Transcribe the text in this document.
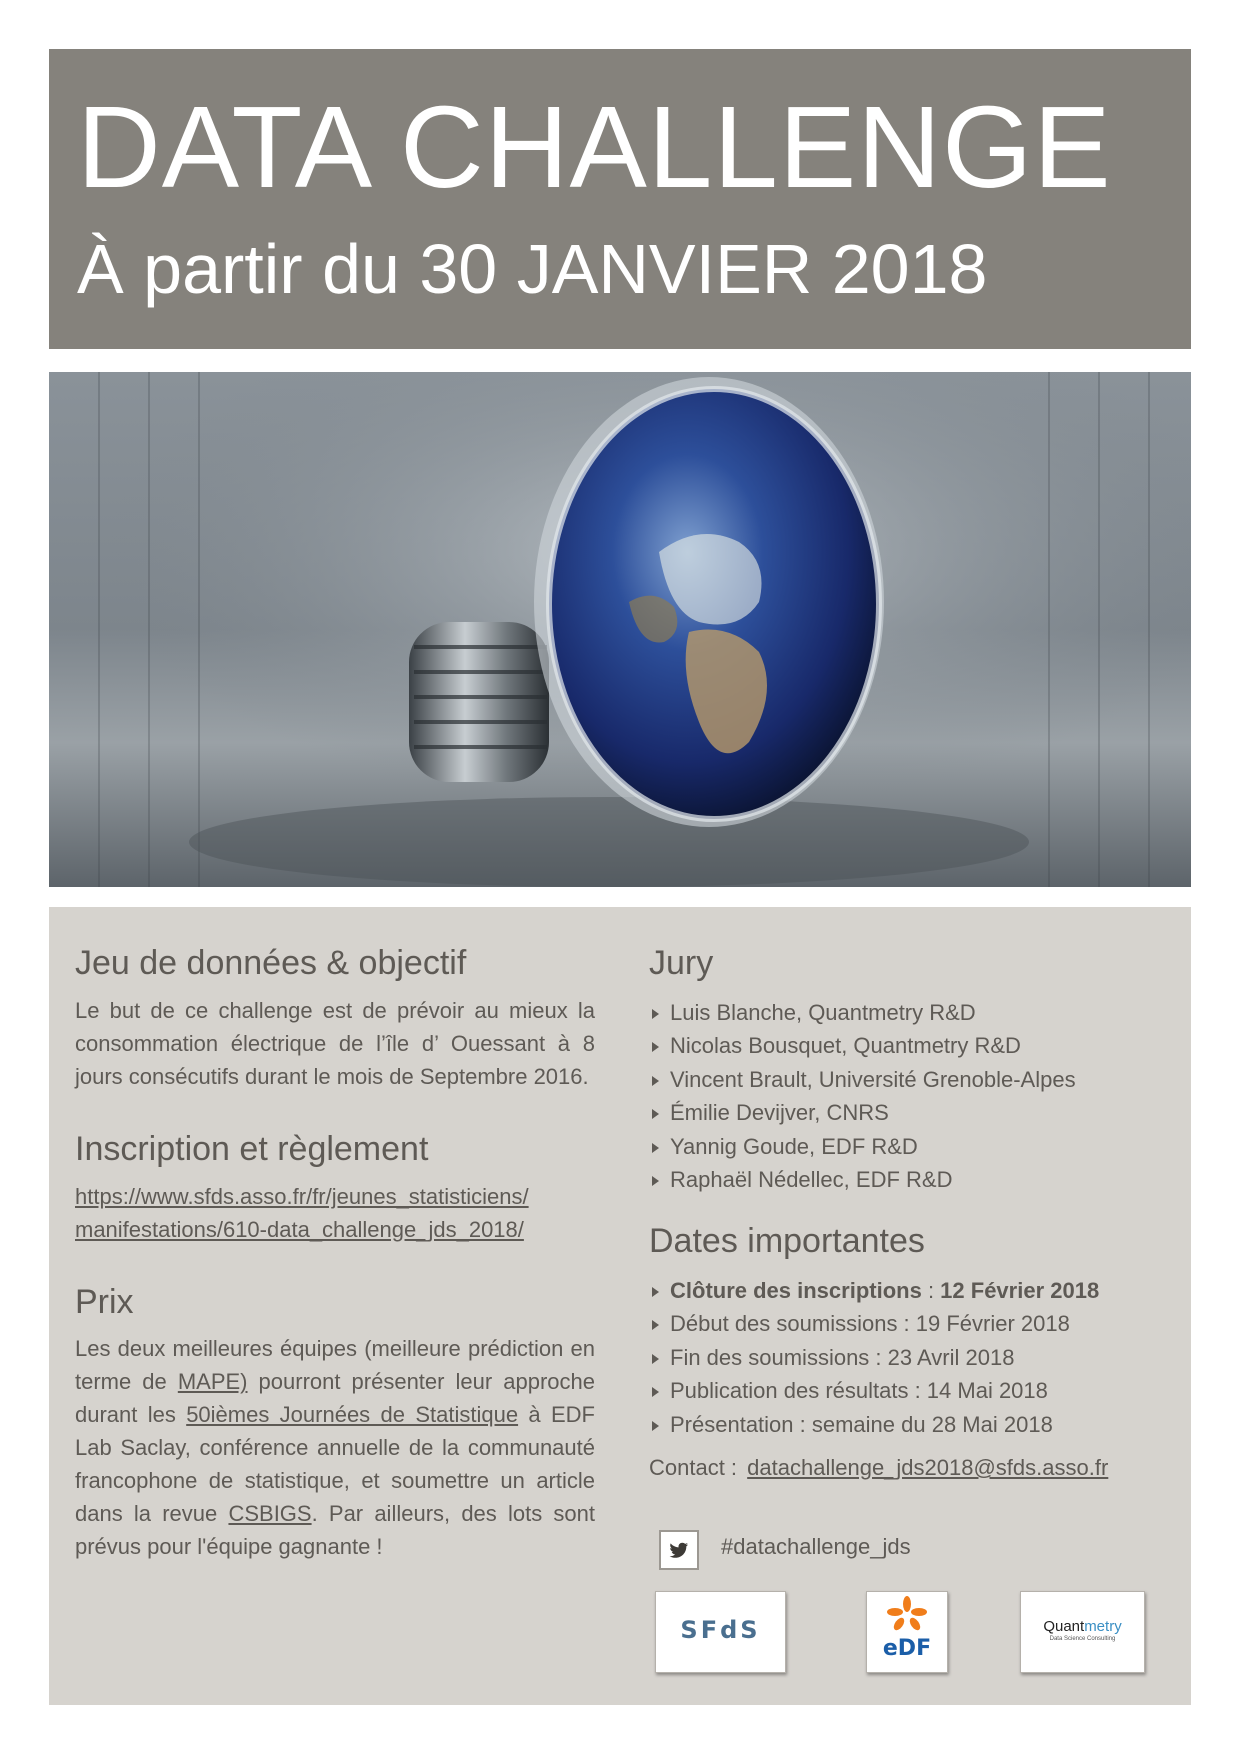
DATA CHALLENGE
À partir du 30 JANVIER 2018
Jeu de données & objectif

Le but de ce challenge est de prévoir au mieux la consommation électrique de l’île d’ Ouessant à 8 jours consécutifs durant le mois de Septembre 2016.

Inscription et règlement
https://www.sfds.asso.fr/fr/jeunes_statisticiens/
manifestations/610-data_challenge_jds_2018/
Prix

Les deux meilleures équipes (meilleure prédiction en terme de MAPE) pourront présenter leur approche durant les 50ièmes Journées de Statistique à EDF Lab Saclay, conférence annuelle de la communauté francophone de statistique, et soumettre un article dans la revue CSBIGS. Par ailleurs, des lots sont prévus pour l'équipe gagnante !

Jury
Luis Blanche, Quantmetry R&D
Nicolas Bousquet, Quantmetry R&D
Vincent Brault, Université Grenoble-Alpes
Émilie Devijver, CNRS
Yannig Goude, EDF R&D
Raphaël Nédellec, EDF R&D
Dates importantes
Clôture des inscriptions : 12 Février 2018
Début des soumissions : 19 Février 2018
Fin des soumissions : 23 Avril 2018
Publication des résultats : 14 Mai 2018
Présentation : semaine du 28 Mai 2018
Contact : datachallenge_jds2018@sfds.asso.fr
#datachallenge_jds
SFdS
eDF
Quantmetry
Data Science Consulting
